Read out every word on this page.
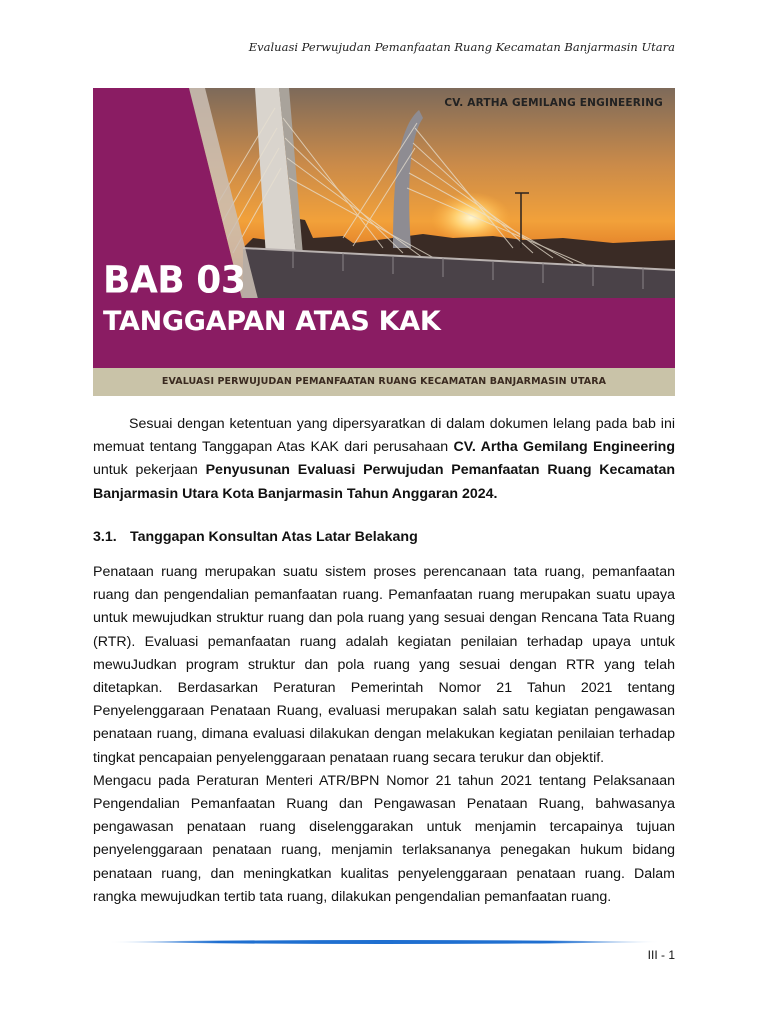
Evaluasi Perwujudan Pemanfaatan Ruang Kecamatan Banjarmasin Utara
CV. ARTHA GEMILANG ENGINEERING
BAB 03
TANGGAPAN ATAS KAK
EVALUASI PERWUJUDAN PEMANFAATAN RUANG KECAMATAN BANJARMASIN UTARA
Sesuai dengan ketentuan yang dipersyaratkan di dalam dokumen lelang pada bab ini memuat tentang Tanggapan Atas KAK dari perusahaan CV. Artha Gemilang Engineering untuk pekerjaan Penyusunan Evaluasi Perwujudan Pemanfaatan Ruang Kecamatan Banjarmasin Utara Kota Banjarmasin Tahun Anggaran 2024.
3.1. Tanggapan Konsultan Atas Latar Belakang

Penataan ruang merupakan suatu sistem proses perencanaan tata ruang, pemanfaatan ruang dan pengendalian pemanfaatan ruang. Pemanfaatan ruang merupakan suatu upaya untuk mewujudkan struktur ruang dan pola ruang yang sesuai dengan Rencana Tata Ruang (RTR). Evaluasi pemanfaatan ruang adalah kegiatan penilaian terhadap upaya untuk mewuJudkan program struktur dan pola ruang yang sesuai dengan RTR yang telah ditetapkan. Berdasarkan Peraturan Pemerintah Nomor 21 Tahun 2021 tentang Penyelenggaraan Penataan Ruang, evaluasi merupakan salah satu kegiatan pengawasan penataan ruang, dimana evaluasi dilakukan dengan melakukan kegiatan penilaian terhadap tingkat pencapaian penyelenggaraan penataan ruang secara terukur dan objektif.

Mengacu pada Peraturan Menteri ATR/BPN Nomor 21 tahun 2021 tentang Pelaksanaan Pengendalian Pemanfaatan Ruang dan Pengawasan Penataan Ruang, bahwasanya pengawasan penataan ruang diselenggarakan untuk menjamin tercapainya tujuan penyelenggaraan penataan ruang, menjamin terlaksananya penegakan hukum bidang penataan ruang, dan meningkatkan kualitas penyelenggaraan penataan ruang. Dalam rangka mewujudkan tertib tata ruang, dilakukan pengendalian pemanfaatan ruang.

III - 1
